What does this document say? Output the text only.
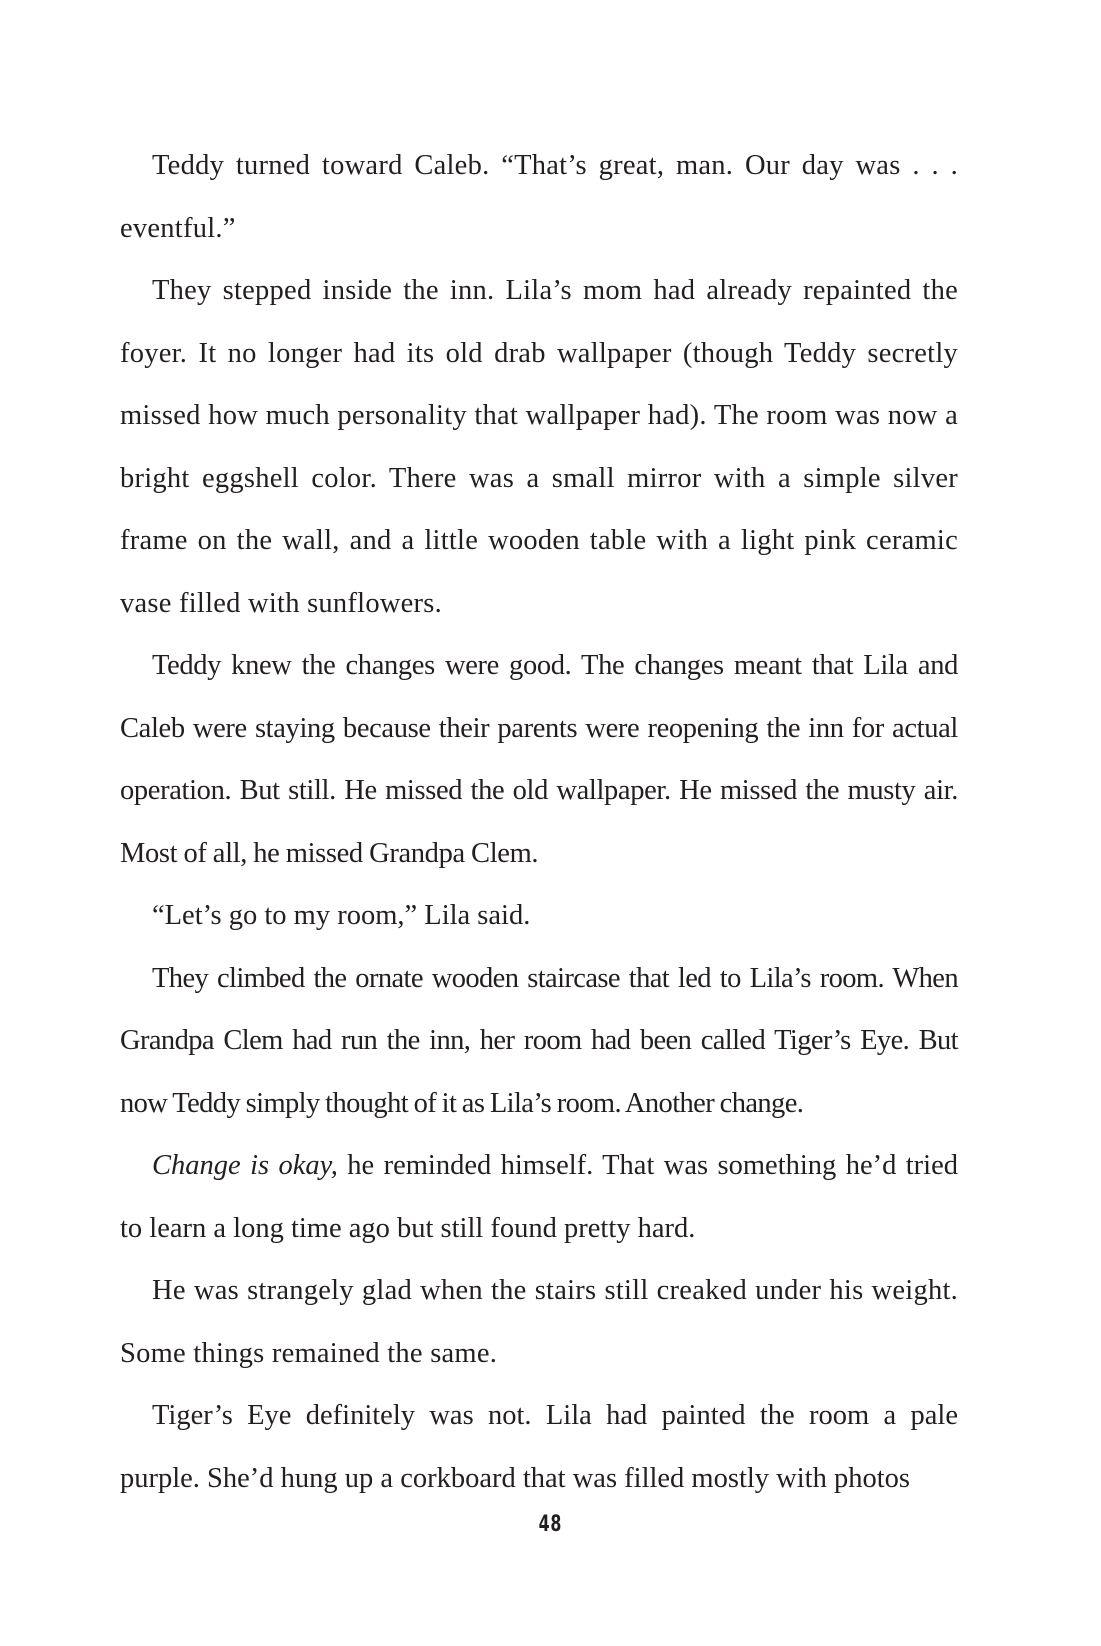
Teddy turned toward Caleb. “That’s great, man. Our day was . . . eventful.”

They stepped inside the inn. Lila’s mom had already repainted the foyer. It no longer had its old drab wallpaper (though Teddy secretly missed how much personality that wallpaper had). The room was now a bright eggshell color. There was a small mirror with a simple silver frame on the wall, and a little wooden table with a light pink ceramic vase filled with sunflowers.

Teddy knew the changes were good. The changes meant that Lila and Caleb were staying because their parents were reopening the inn for actual operation. But still. He missed the old wallpaper. He missed the musty air. Most of all, he missed Grandpa Clem.

“Let’s go to my room,” Lila said.

They climbed the ornate wooden staircase that led to Lila’s room. When Grandpa Clem had run the inn, her room had been called Tiger’s Eye. But now Teddy simply thought of it as Lila’s room. Another change.

Change is okay, he reminded himself. That was something he’d tried to learn a long time ago but still found pretty hard.

He was strangely glad when the stairs still creaked under his weight. Some things remained the same.

Tiger’s Eye definitely was not. Lila had painted the room a pale purple. She’d hung up a corkboard that was filled mostly with photos

48
